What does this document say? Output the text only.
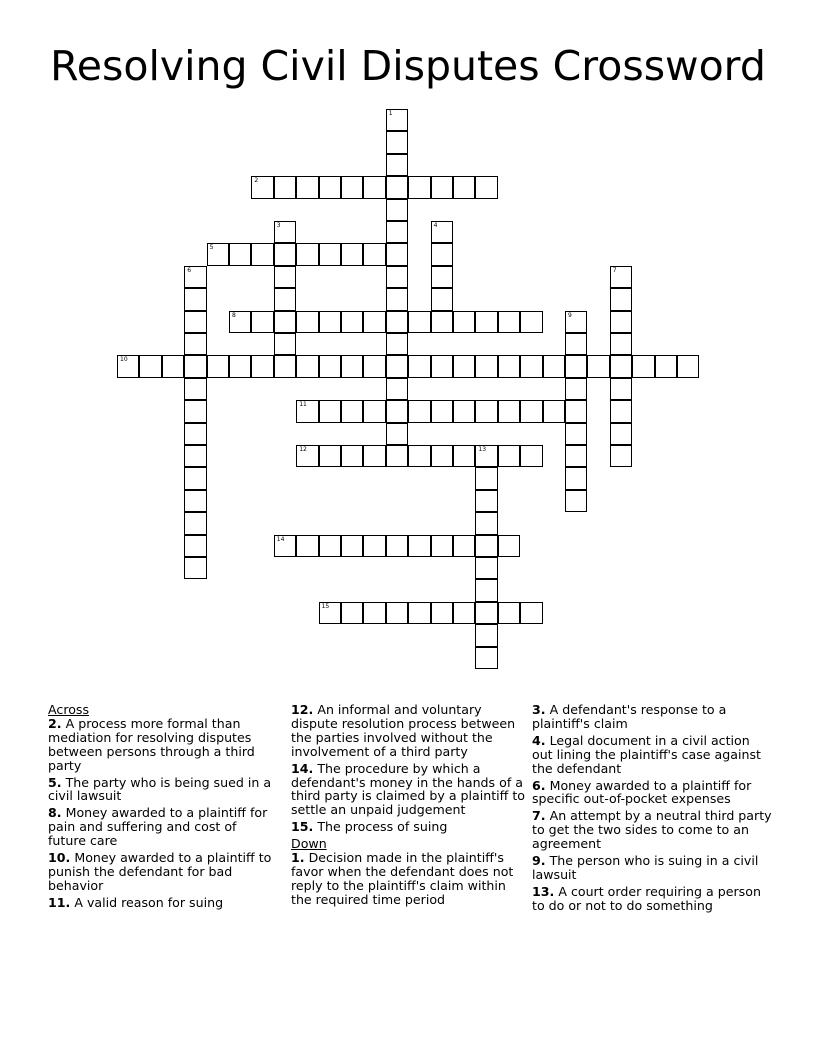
Resolving Civil Disputes Crossword
1
2
3	4
5
6	7
8	9
10
11
12	13
14
15
Across
2. A process more formal than mediation for resolving disputes between persons through a third party
5. The party who is being sued in a civil lawsuit
8. Money awarded to a plaintiff for pain and suffering and cost of future care
10. Money awarded to a plaintiff to punish the defendant for bad behavior
11. A valid reason for suing
12. An informal and voluntary dispute resolution process between the parties involved without the involvement of a third party
14. The procedure by which a defendant's money in the hands of a third party is claimed by a plaintiff to settle an unpaid judgement
15. The process of suing
Down
1. Decision made in the plaintiff's favor when the defendant does not reply to the plaintiff's claim within the required time period
3. A defendant's response to a plaintiff's claim
4. Legal document in a civil action out lining the plaintiff's case against the defendant
6. Money awarded to a plaintiff for specific out-of-pocket expenses
7. An attempt by a neutral third party to get the two sides to come to an agreement
9. The person who is suing in a civil lawsuit
13. A court order requiring a person to do or not to do something
